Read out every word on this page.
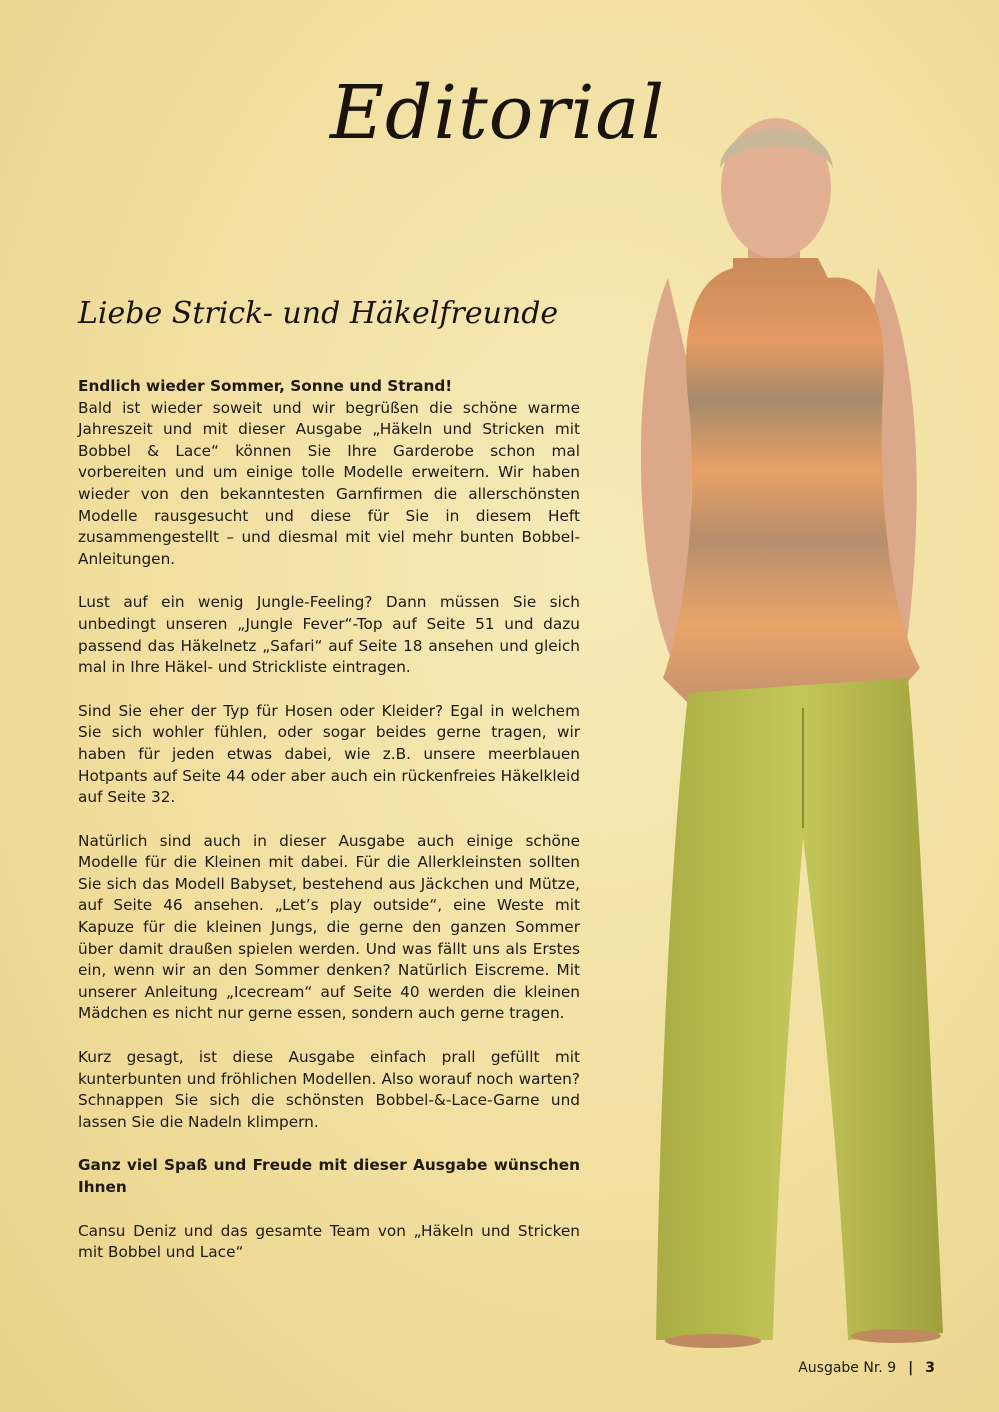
Editorial
Liebe Strick- und Häkelfreunde

Endlich wieder Sommer, Sonne und Strand!
Bald ist wieder soweit und wir begrüßen die schöne warme Jahreszeit und mit dieser Ausgabe „Häkeln und Stricken mit Bobbel & Lace“ können Sie Ihre Garderobe schon mal vorbereiten und um einige tolle Modelle erweitern. Wir haben wieder von den bekanntesten Garnfirmen die allerschönsten Modelle rausgesucht und diese für Sie in diesem Heft zusammengestellt – und diesmal mit viel mehr bunten Bobbel-Anleitungen.

Lust auf ein wenig Jungle-Feeling? Dann müssen Sie sich unbedingt unseren „Jungle Fever“-Top auf Seite 51 und dazu passend das Häkelnetz „Safari“ auf Seite 18 ansehen und gleich mal in Ihre Häkel- und Strickliste eintragen.

Sind Sie eher der Typ für Hosen oder Kleider? Egal in welchem Sie sich wohler fühlen, oder sogar beides gerne tragen, wir haben für jeden etwas dabei, wie z.B. unsere meerblauen Hotpants auf Seite 44 oder aber auch ein rückenfreies Häkelkleid auf Seite 32.

Natürlich sind auch in dieser Ausgabe auch einige schöne Modelle für die Kleinen mit dabei. Für die Allerkleinsten sollten Sie sich das Modell Babyset, bestehend aus Jäckchen und Mütze, auf Seite 46 ansehen. „Let’s play outside“, eine Weste mit Kapuze für die kleinen Jungs, die gerne den ganzen Sommer über damit draußen spielen werden. Und was fällt uns als Erstes ein, wenn wir an den Sommer denken? Natürlich Eiscreme. Mit unserer Anleitung „Icecream“ auf Seite 40 werden die kleinen Mädchen es nicht nur gerne essen, sondern auch gerne tragen.

Kurz gesagt, ist diese Ausgabe einfach prall gefüllt mit kunterbunten und fröhlichen Modellen. Also worauf noch warten? Schnappen Sie sich die schönsten Bobbel-&-Lace-Garne und lassen Sie die Nadeln klimpern.

Ganz viel Spaß und Freude mit dieser Ausgabe wünschen Ihnen

Cansu Deniz und das gesamte Team von „Häkeln und Stricken mit Bobbel und Lace“

Ausgabe Nr. 9 | 3
